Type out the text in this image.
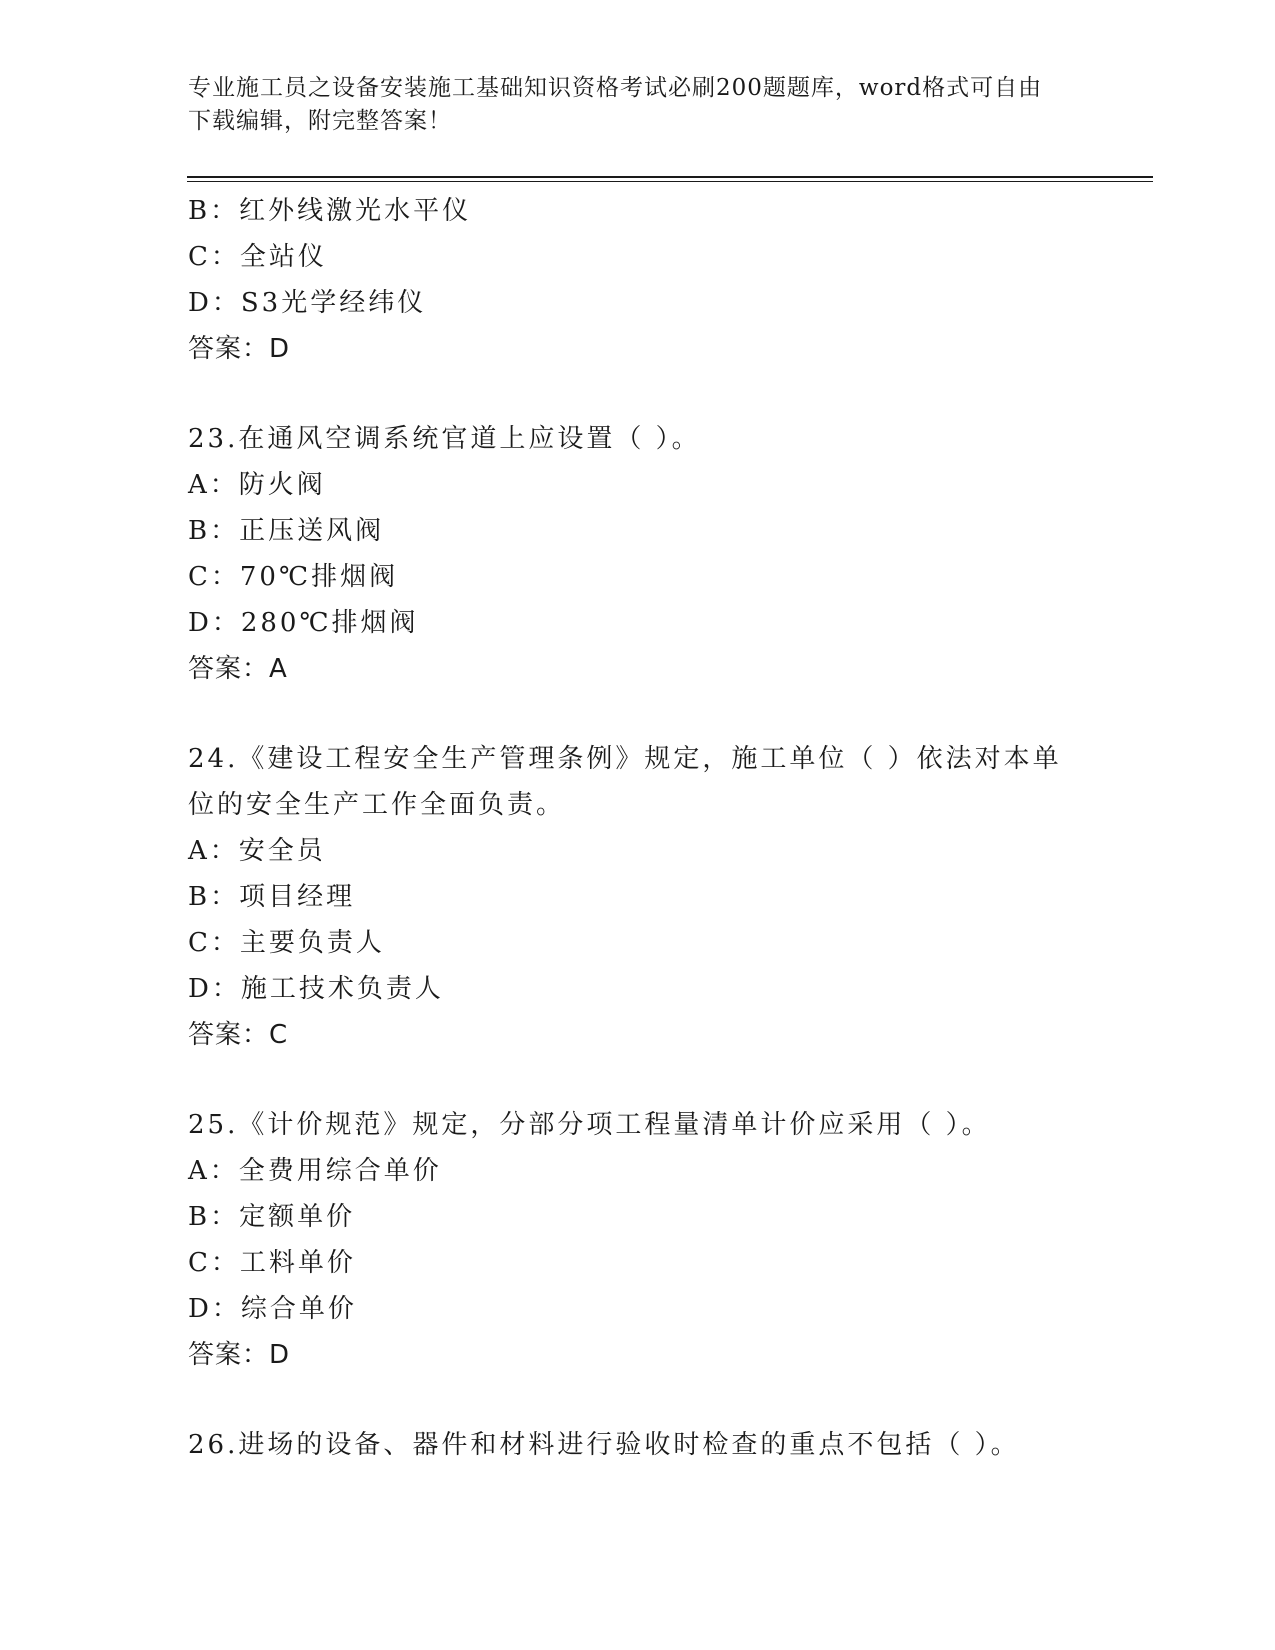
专业施工员之设备安装施工基础知识资格考试必刷200题题库，word格式可自由
下载编辑，附完整答案！
B：红外线激光水平仪
C：全站仪
D：S3光学经纬仪
答案：D
23.在通风空调系统官道上应设置（ ）。
A：防火阀
B：正压送风阀
C：70℃排烟阀
D：280℃排烟阀
答案：A
24.《建设工程安全生产管理条例》规定，施工单位（ ）依法对本单
位的安全生产工作全面负责。
A：安全员
B：项目经理
C：主要负责人
D：施工技术负责人
答案：C
25.《计价规范》规定，分部分项工程量清单计价应采用（ ）。
A：全费用综合单价
B：定额单价
C：工料单价
D：综合单价
答案：D
26.进场的设备、器件和材料进行验收时检查的重点不包括（ ）。
